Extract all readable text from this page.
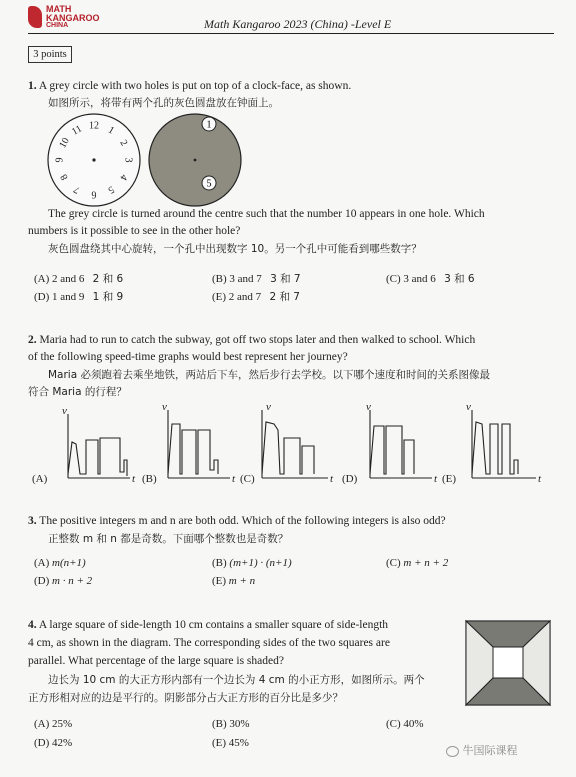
MATH
KANGAROO
CHINA	Math Kangaroo 2023 (China) -Level E
3 points
1. A grey circle with two holes is put on top of a clock-face, as shown.
如图所示，将带有两个孔的灰色圆盘放在钟面上。
12 1
2
3
4
5
6
7
8
9
10
11	1
5
The grey circle is turned around the centre such that the number 10 appears in one hole. Which
numbers is it possible to see in the other hole?
灰色圆盘绕其中心旋转，一个孔中出现数字 10。另一个孔中可能看到哪些数字？
(A) 2 and 6 2 和 6	(B) 3 and 7 3 和 7	(C) 3 and 6 3 和 6
(D) 1 and 9 1 和 9	(E) 2 and 7 2 和 7
2. Maria had to run to catch the subway, got off two stops later and then walked to school. Which
of the following speed-time graphs would best represent her journey?
Maria 必须跑着去乘坐地铁，两站后下车，然后步行去学校。以下哪个速度和时间的关系图像最
符合 Maria 的行程？
v
t
v
t
v
t
v
t
v
t
(A)	(B)	(C)	(D)	(E)
3. The positive integers m and n are both odd. Which of the following integers is also odd?
正整数 m 和 n 都是奇数。下面哪个整数也是奇数？
(A) m(n+1)	(B) (m+1) · (n+1)	(C) m + n + 2
(D) m · n + 2	(E) m + n
4. A large square of side-length 10 cm contains a smaller square of side-length
4 cm, as shown in the diagram. The corresponding sides of the two squares are
parallel. What percentage of the large square is shaded?
边长为 10 cm 的大正方形内部有一个边长为 4 cm 的小正方形，如图所示。两个
正方形相对应的边是平行的。阴影部分占大正方形的百分比是多少？
(A) 25%	(B) 30%	(C) 40%
(D) 42%	(E) 45%
牛国际课程
